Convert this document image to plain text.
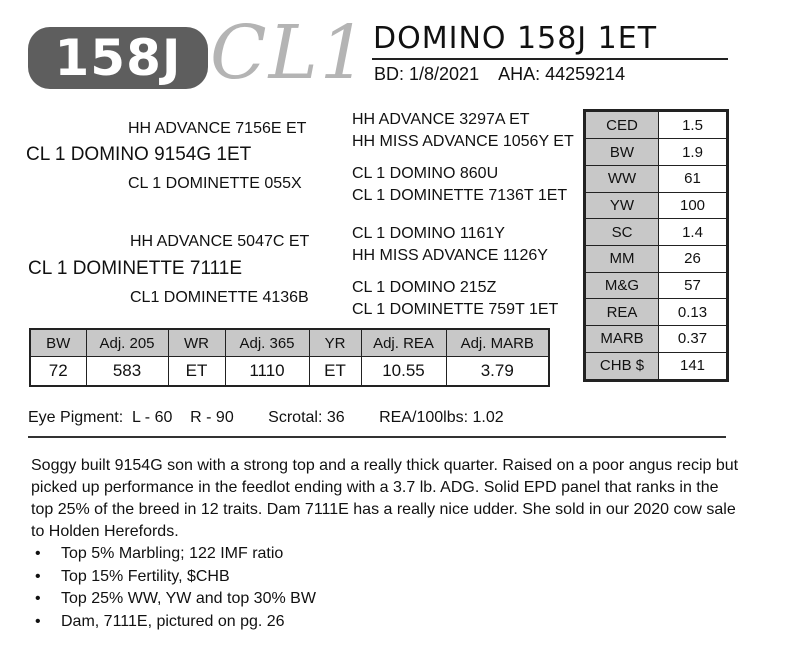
158J CL1 DOMINO 158J 1ET
BD: 1/8/2021 AHA: 44259214
HH ADVANCE 7156E ET
CL 1 DOMINO 9154G 1ET
CL 1 DOMINETTE 055X
HH ADVANCE 3297A ET
HH MISS ADVANCE 1056Y ET
CL 1 DOMINO 860U
CL 1 DOMINETTE 7136T 1ET
HH ADVANCE 5047C ET
CL 1 DOMINETTE 7111E
CL1 DOMINETTE 4136B
CL 1 DOMINO 1161Y
HH MISS ADVANCE 1126Y
CL 1 DOMINO 215Z
CL 1 DOMINETTE 759T 1ET
BW	Adj. 205	WR	Adj. 365	YR	Adj. REA	Adj. MARB
72	583	ET	1110	ET	10.55	3.79
CED	1.5
BW	1.9
WW	61
YW	100
SC	1.4
MM	26
M&G	57
REA	0.13
MARB	0.37
CHB $	141
Eye Pigment:  L - 60    R - 90 Scrotal: 36 REA/100lbs: 1.02
Soggy built 9154G son with a strong top and a really thick quarter. Raised on a poor angus recip but picked up performance in the feedlot ending with a 3.7 lb. ADG. Solid EPD panel that ranks in the top 25% of the breed in 12 traits. Dam 7111E has a really nice udder. She sold in our 2020 cow sale to Holden Herefords.
• Top 5% Marbling; 122 IMF ratio
• Top 15% Fertility, $CHB
• Top 25% WW, YW and top 30% BW
• Dam, 7111E, pictured on pg. 26
